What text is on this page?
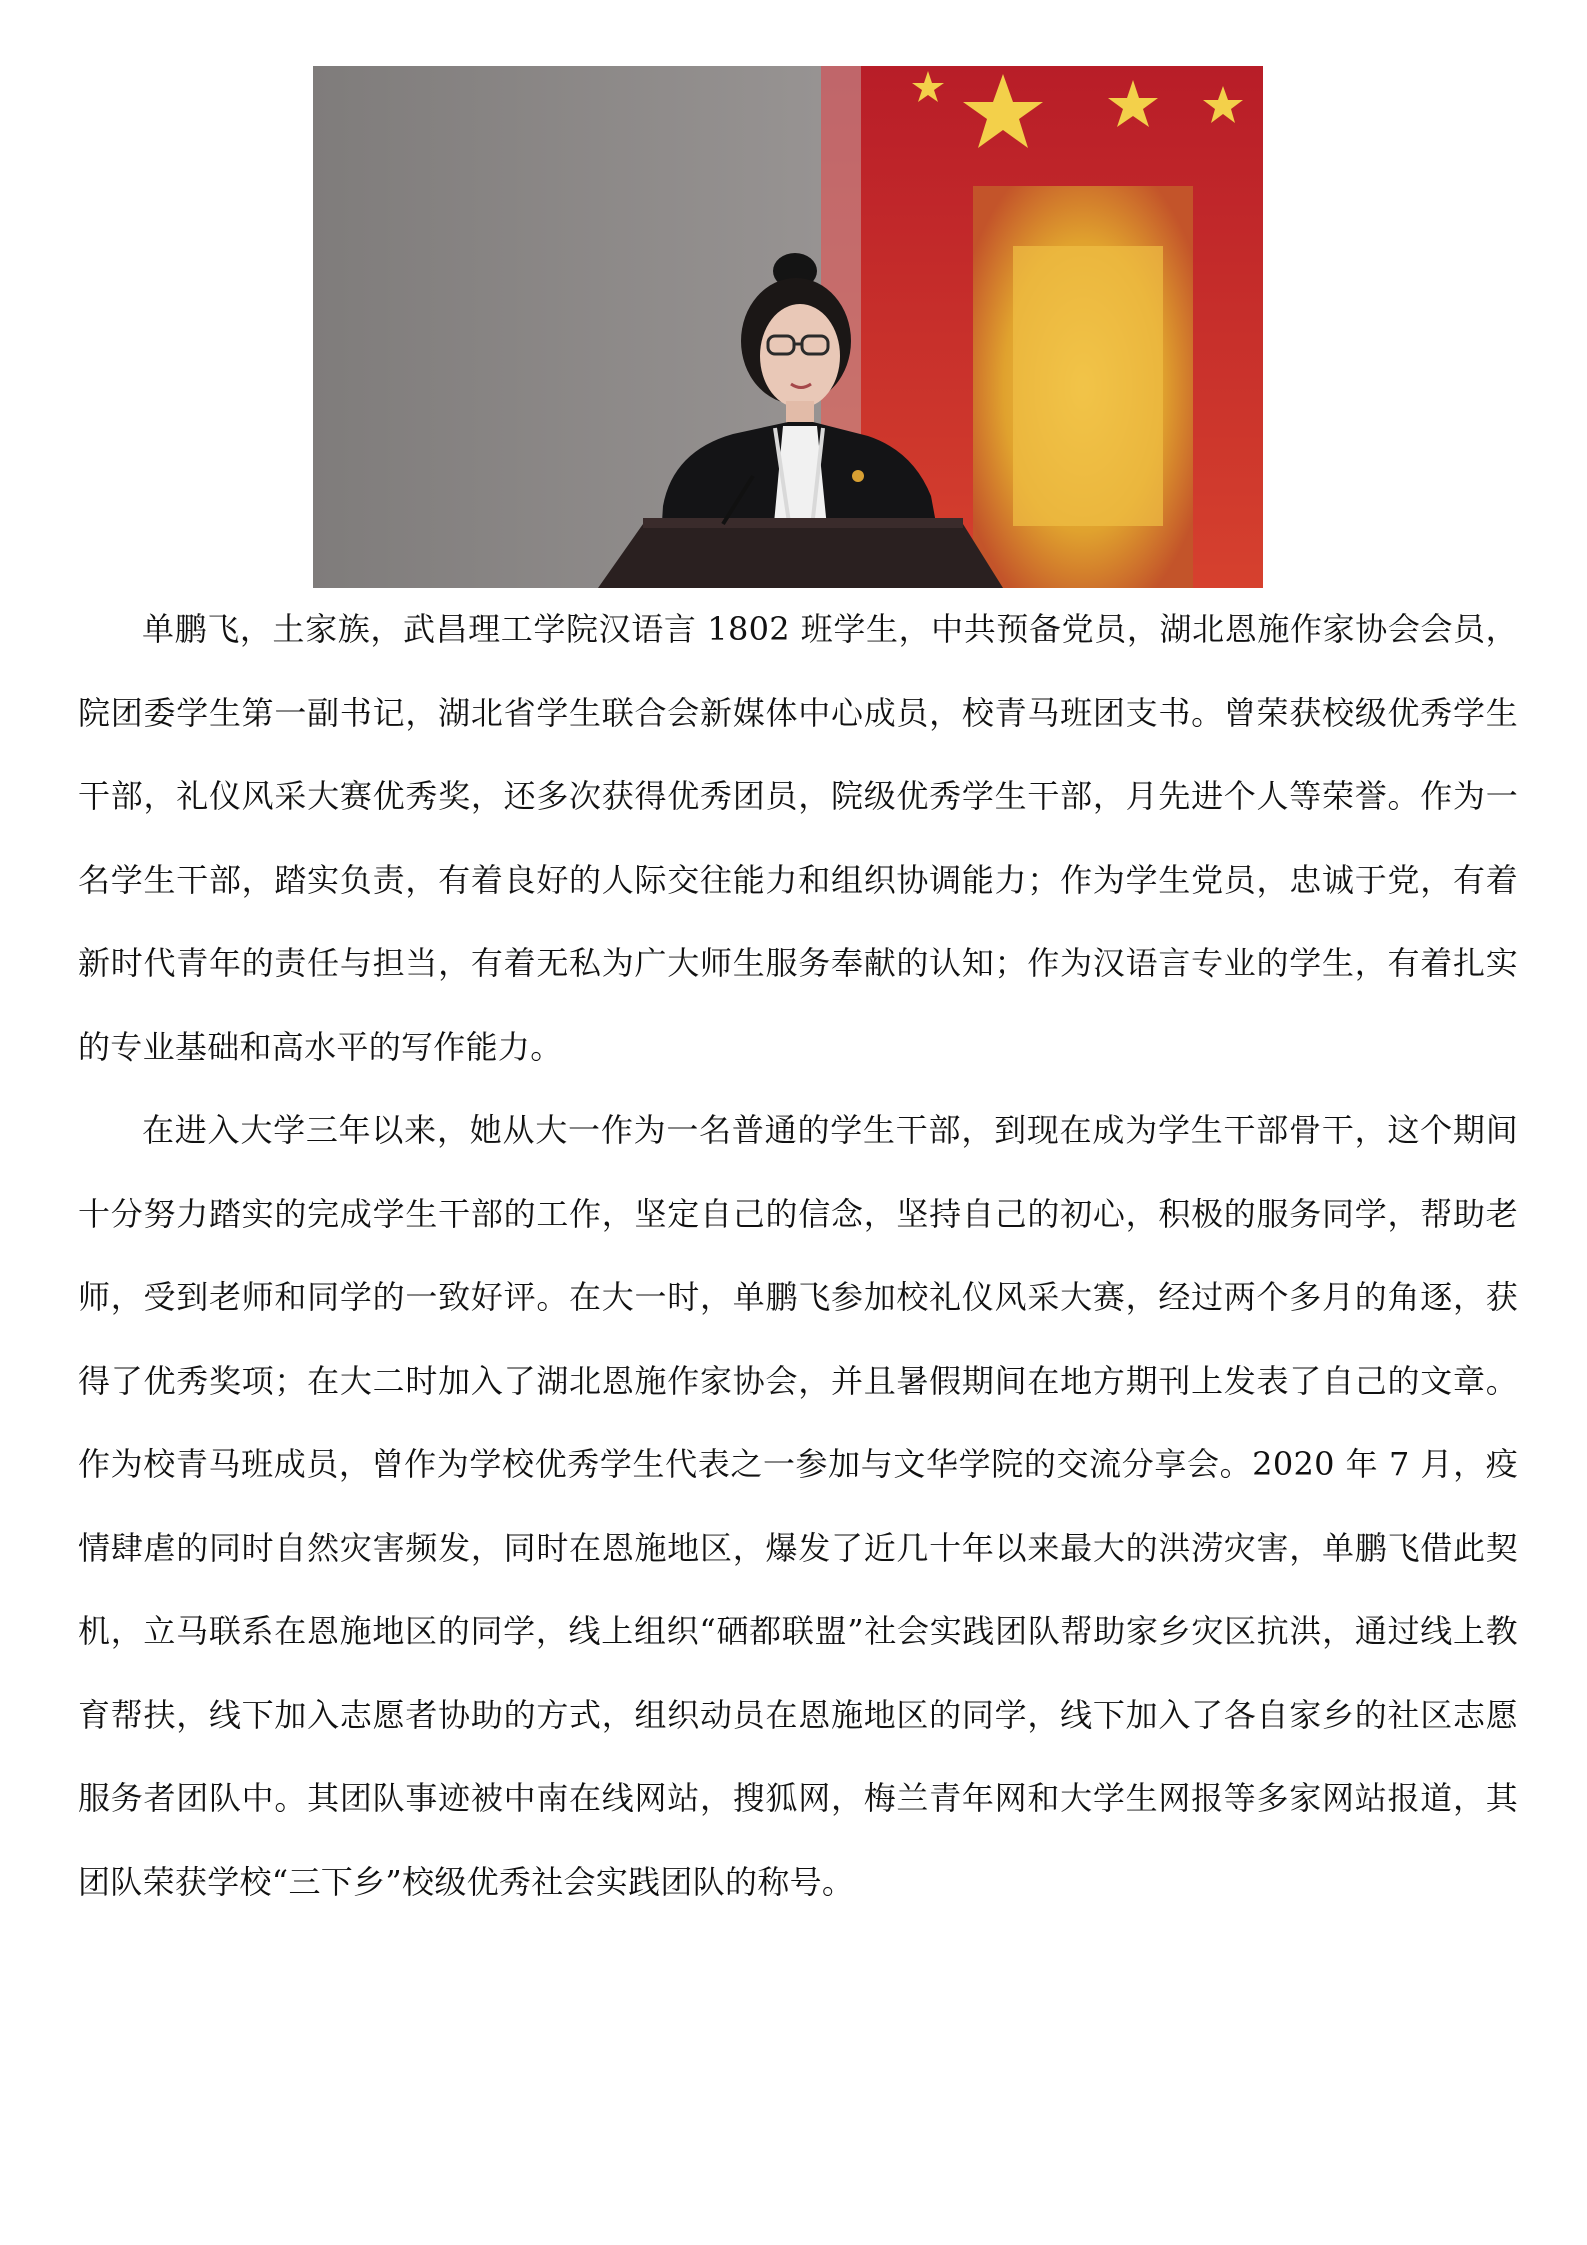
单鹏飞，土家族，武昌理工学院汉语言 1802 班学生，中共预备党员，湖北恩施作家协会会员，院团委学生第一副书记，湖北省学生联合会新媒体中心成员，校青马班团支书。曾荣获校级优秀学生干部，礼仪风采大赛优秀奖，还多次获得优秀团员，院级优秀学生干部，月先进个人等荣誉。作为一名学生干部，踏实负责，有着良好的人际交往能力和组织协调能力；作为学生党员，忠诚于党，有着新时代青年的责任与担当，有着无私为广大师生服务奉献的认知；作为汉语言专业的学生，有着扎实的专业基础和高水平的写作能力。

在进入大学三年以来，她从大一作为一名普通的学生干部，到现在成为学生干部骨干，这个期间十分努力踏实的完成学生干部的工作，坚定自己的信念，坚持自己的初心，积极的服务同学，帮助老师，受到老师和同学的一致好评。在大一时，单鹏飞参加校礼仪风采大赛，经过两个多月的角逐，获得了优秀奖项；在大二时加入了湖北恩施作家协会，并且暑假期间在地方期刊上发表了自己的文章。作为校青马班成员，曾作为学校优秀学生代表之一参加与文华学院的交流分享会。2020 年 7 月，疫情肆虐的同时自然灾害频发，同时在恩施地区，爆发了近几十年以来最大的洪涝灾害，单鹏飞借此契机，立马联系在恩施地区的同学，线上组织“硒都联盟”社会实践团队帮助家乡灾区抗洪，通过线上教育帮扶，线下加入志愿者协助的方式，组织动员在恩施地区的同学，线下加入了各自家乡的社区志愿服务者团队中。其团队事迹被中南在线网站，搜狐网，梅兰青年网和大学生网报等多家网站报道，其团队荣获学校“三下乡”校级优秀社会实践团队的称号。
